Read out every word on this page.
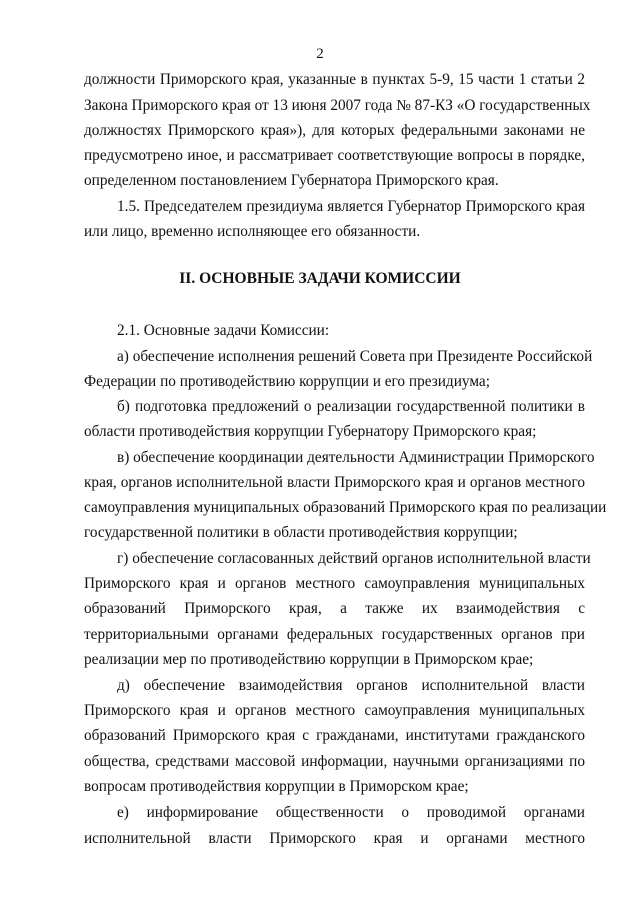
2
должности Приморского края, указанные в пунктах 5-9, 15 части 1 статьи 2
Закона Приморского края от 13 июня 2007 года № 87-КЗ «О государственных
должностях Приморского края»), для которых федеральными законами не
предусмотрено иное, и рассматривает соответствующие вопросы в порядке,
определенном постановлением Губернатора Приморского края.
1.5. Председателем президиума является Губернатор Приморского края
или лицо, временно исполняющее его обязанности.
II. ОСНОВНЫЕ ЗАДАЧИ КОМИССИИ
2.1. Основные задачи Комиссии:
а) обеспечение исполнения решений Совета при Президенте Российской
Федерации по противодействию коррупции и его президиума;
б) подготовка предложений о реализации государственной политики в
области противодействия коррупции Губернатору Приморского края;
в) обеспечение координации деятельности Администрации Приморского
края, органов исполнительной власти Приморского края и органов местного
самоуправления муниципальных образований Приморского края по реализации
государственной политики в области противодействия коррупции;
г) обеспечение согласованных действий органов исполнительной власти
Приморского края и органов местного самоуправления муниципальных
образований Приморского края, а также их взаимодействия с
территориальными органами федеральных государственных органов при
реализации мер по противодействию коррупции в Приморском крае;
д) обеспечение взаимодействия органов исполнительной власти
Приморского края и органов местного самоуправления муниципальных
образований Приморского края с гражданами, институтами гражданского
общества, средствами массовой информации, научными организациями по
вопросам противодействия коррупции в Приморском крае;
е) информирование общественности о проводимой органами
исполнительной власти Приморского края и органами местного
